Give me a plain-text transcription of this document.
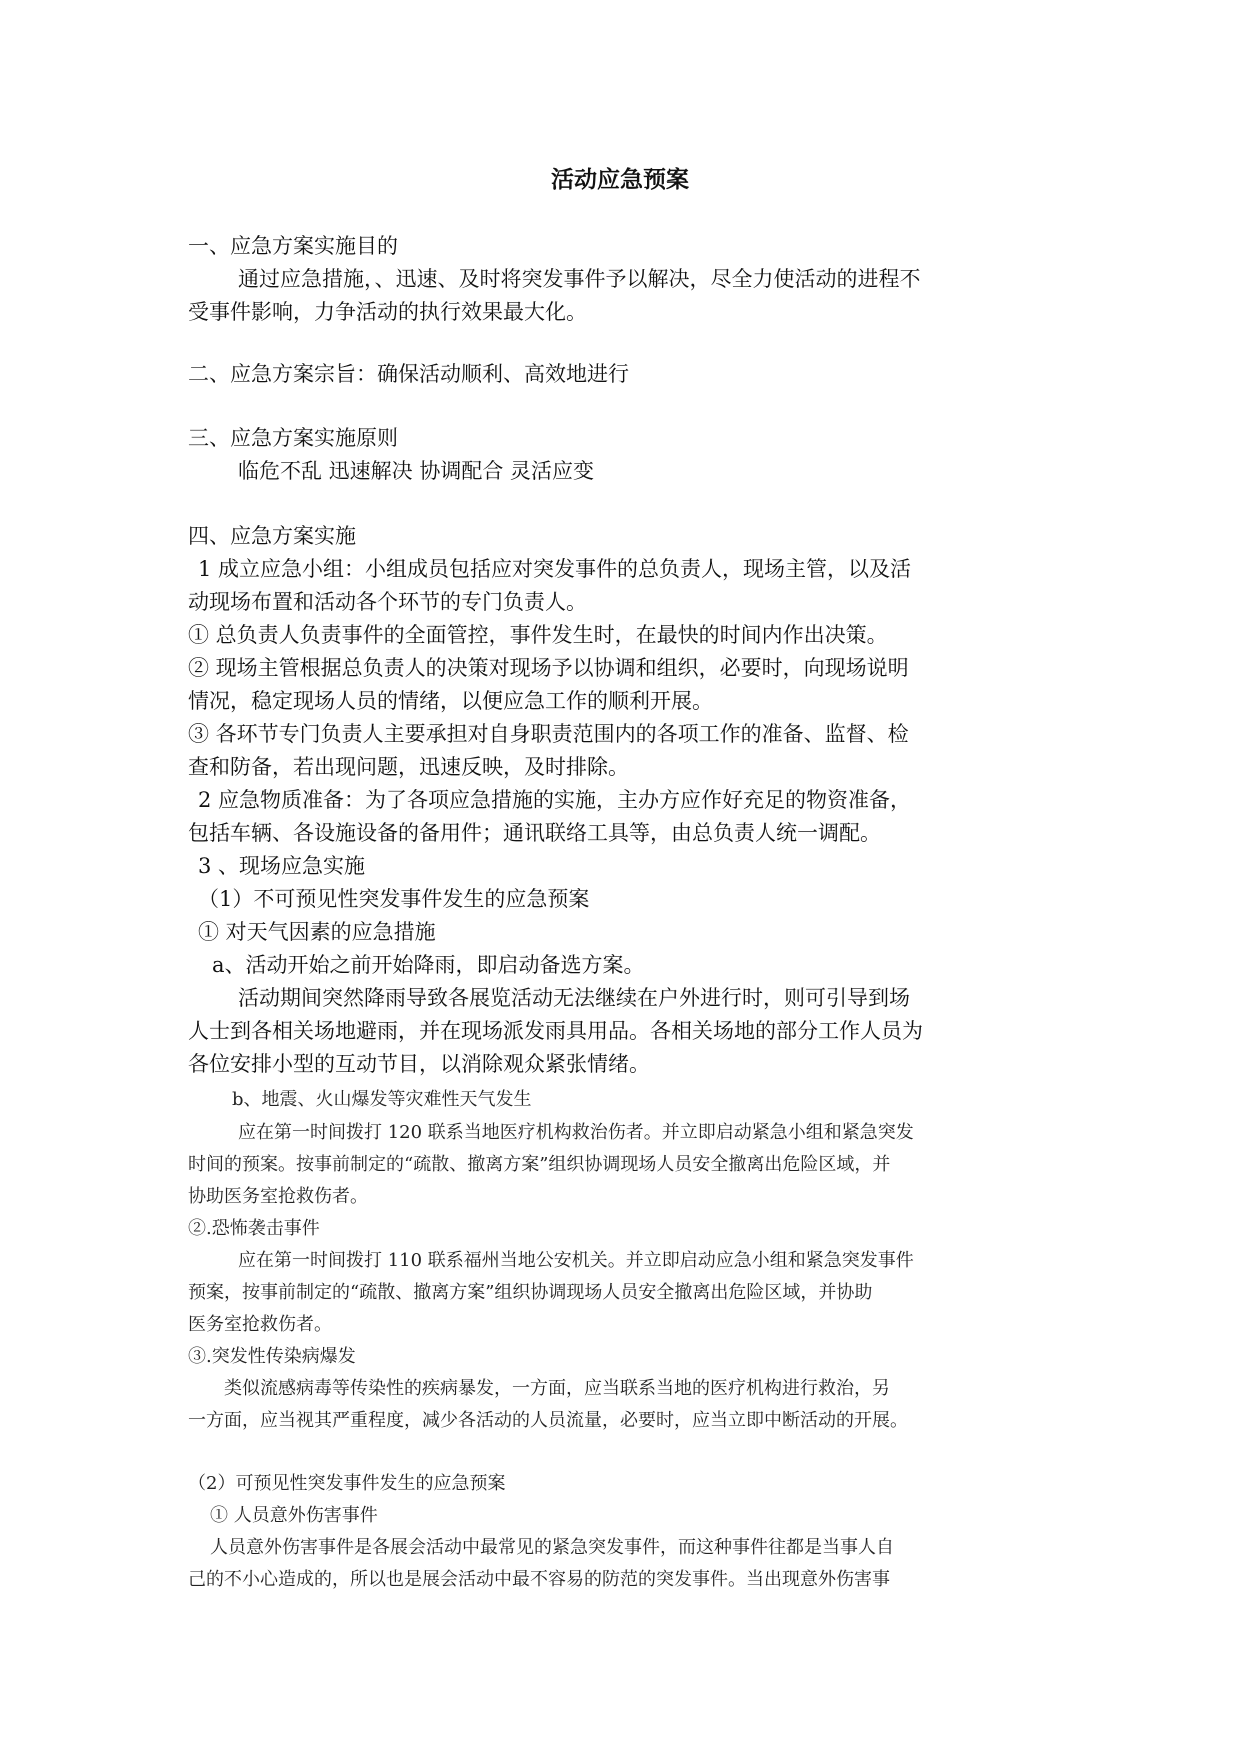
活动应急预案
一、应急方案实施目的
通过应急措施，、迅速、及时将突发事件予以解决，尽全力使活动的进程不
受事件影响，力争活动的执行效果最大化。
二、应急方案宗旨：确保活动顺利、高效地进行
三、应急方案实施原则
临危不乱 迅速解决 协调配合 灵活应变
四、应急方案实施
1 成立应急小组：小组成员包括应对突发事件的总负责人，现场主管，以及活
动现场布置和活动各个环节的专门负责人。
① 总负责人负责事件的全面管控，事件发生时，在最快的时间内作出决策。
② 现场主管根据总负责人的决策对现场予以协调和组织，必要时，向现场说明
情况，稳定现场人员的情绪，以便应急工作的顺利开展。
③ 各环节专门负责人主要承担对自身职责范围内的各项工作的准备、监督、检
查和防备，若出现问题，迅速反映，及时排除。
2 应急物质准备：为了各项应急措施的实施，主办方应作好充足的物资准备，
包括车辆、各设施设备的备用件；通讯联络工具等，由总负责人统一调配。
3 、现场应急实施
（1）不可预见性突发事件发生的应急预案
① 对天气因素的应急措施
a、活动开始之前开始降雨，即启动备选方案。
活动期间突然降雨导致各展览活动无法继续在户外进行时，则可引导到场
人士到各相关场地避雨，并在现场派发雨具用品。各相关场地的部分工作人员为
各位安排小型的互动节目，以消除观众紧张情绪。
b、地震、火山爆发等灾难性天气发生
应在第一时间拨打 120 联系当地医疗机构救治伤者。并立即启动紧急小组和紧急突发
时间的预案。按事前制定的“疏散、撤离方案”组织协调现场人员安全撤离出危险区域，并
协助医务室抢救伤者。
②.恐怖袭击事件
应在第一时间拨打 110 联系福州当地公安机关。并立即启动应急小组和紧急突发事件
预案，按事前制定的“疏散、撤离方案”组织协调现场人员安全撤离出危险区域，并协助
医务室抢救伤者。
③.突发性传染病爆发
类似流感病毒等传染性的疾病暴发，一方面，应当联系当地的医疗机构进行救治，另
一方面，应当视其严重程度，减少各活动的人员流量，必要时，应当立即中断活动的开展。
（2）可预见性突发事件发生的应急预案
① 人员意外伤害事件
人员意外伤害事件是各展会活动中最常见的紧急突发事件，而这种事件往都是当事人自
己的不小心造成的，所以也是展会活动中最不容易的防范的突发事件。当出现意外伤害事
